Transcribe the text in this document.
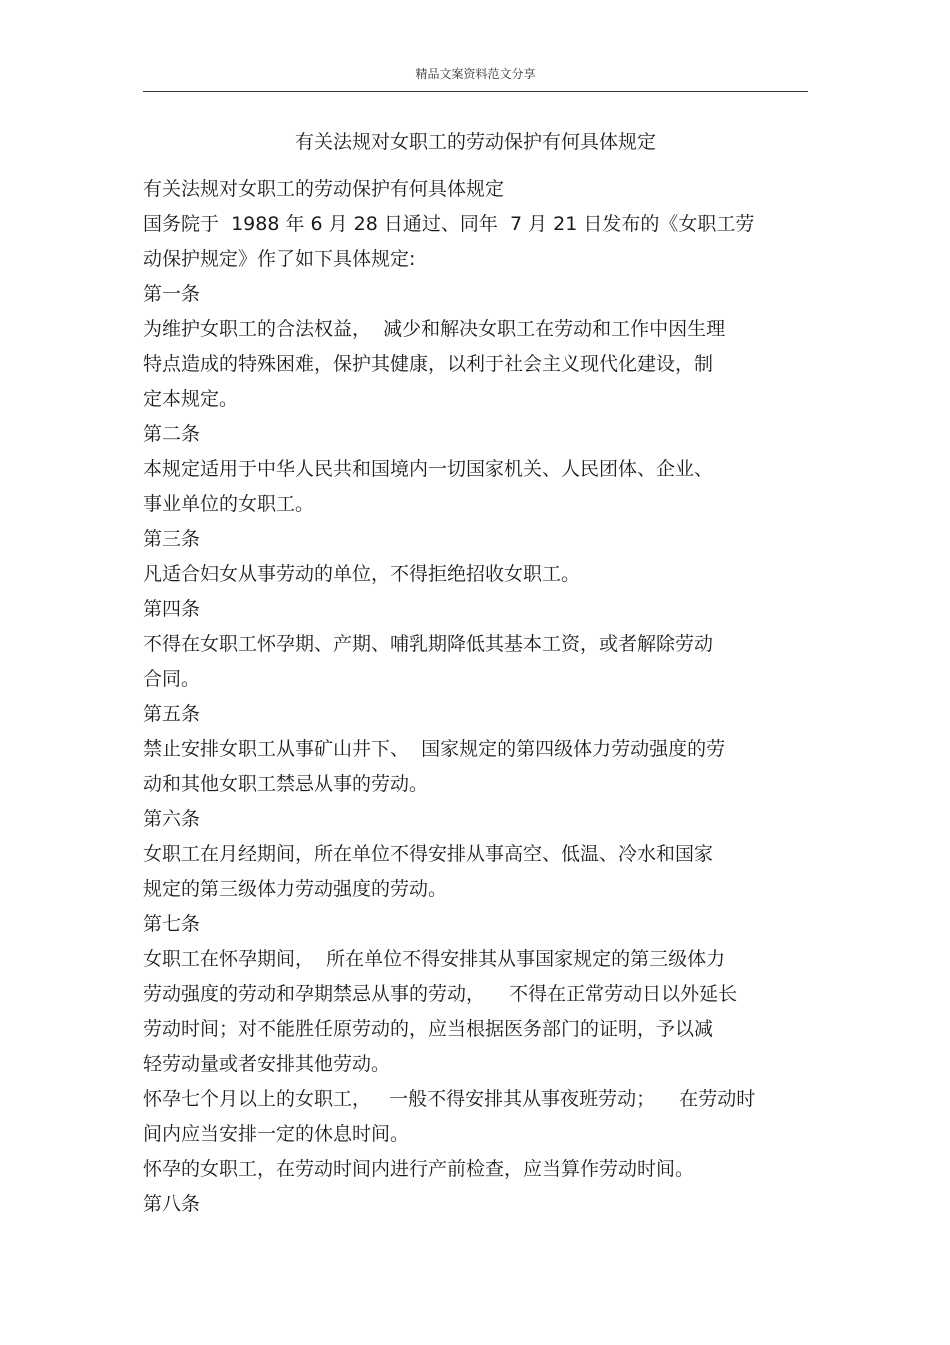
精品文案资料范文分享
有关法规对女职工的劳动保护有何具体规定
有关法规对女职工的劳动保护有何具体规定
国务院于  1988 年 6 月 28 日通过、同年  7 月 21 日发布的《女职工劳
动保护规定》作了如下具体规定:
第一条
为维护女职工的合法权益，  减少和解决女职工在劳动和工作中因生理
特点造成的特殊困难，保护其健康，以利于社会主义现代化建设，制
定本规定。
第二条
本规定适用于中华人民共和国境内一切国家机关、人民团体、企业、
事业单位的女职工。
第三条
凡适合妇女从事劳动的单位，不得拒绝招收女职工。
第四条
不得在女职工怀孕期、产期、哺乳期降低其基本工资，或者解除劳动
合同。
第五条
禁止安排女职工从事矿山井下、  国家规定的第四级体力劳动强度的劳
动和其他女职工禁忌从事的劳动。
第六条
女职工在月经期间，所在单位不得安排从事高空、低温、冷水和国家
规定的第三级体力劳动强度的劳动。
第七条
女职工在怀孕期间，  所在单位不得安排其从事国家规定的第三级体力
劳动强度的劳动和孕期禁忌从事的劳动，    不得在正常劳动日以外延长
劳动时间；对不能胜任原劳动的，应当根据医务部门的证明，予以减
轻劳动量或者安排其他劳动。
怀孕七个月以上的女职工，   一般不得安排其从事夜班劳动；    在劳动时
间内应当安排一定的休息时间。
怀孕的女职工，在劳动时间内进行产前检查，应当算作劳动时间。
第八条
